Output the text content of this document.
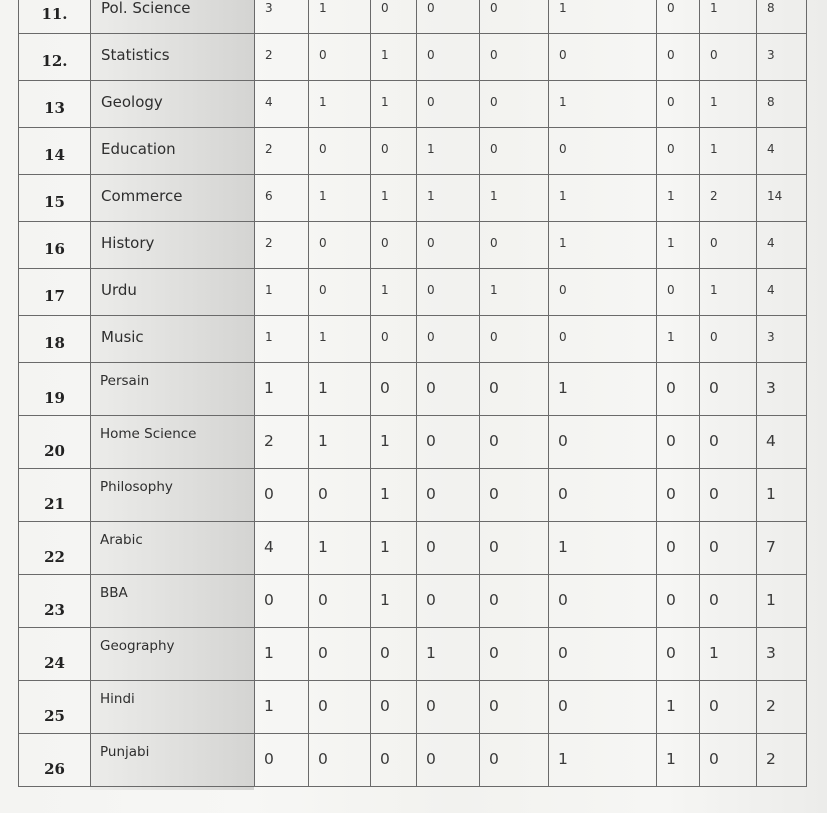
11.	Pol. Science	3	1	0	0	0	1	0	1	8
12.	Statistics	2	0	1	0	0	0	0	0	3
13	Geology	4	1	1	0	0	1	0	1	8
14	Education	2	0	0	1	0	0	0	1	4
15	Commerce	6	1	1	1	1	1	1	2	14
16	History	2	0	0	0	0	1	1	0	4
17	Urdu	1	0	1	0	1	0	0	1	4
18	Music	1	1	0	0	0	0	1	0	3
19	Persain	1	1	0	0	0	1	0	0	3
20	Home Science	2	1	1	0	0	0	0	0	4
21	Philosophy	0	0	1	0	0	0	0	0	1
22	Arabic	4	1	1	0	0	1	0	0	7
23	BBA	0	0	1	0	0	0	0	0	1
24	Geography	1	0	0	1	0	0	0	1	3
25	Hindi	1	0	0	0	0	0	1	0	2
26	Punjabi	0	0	0	0	0	1	1	0	2
